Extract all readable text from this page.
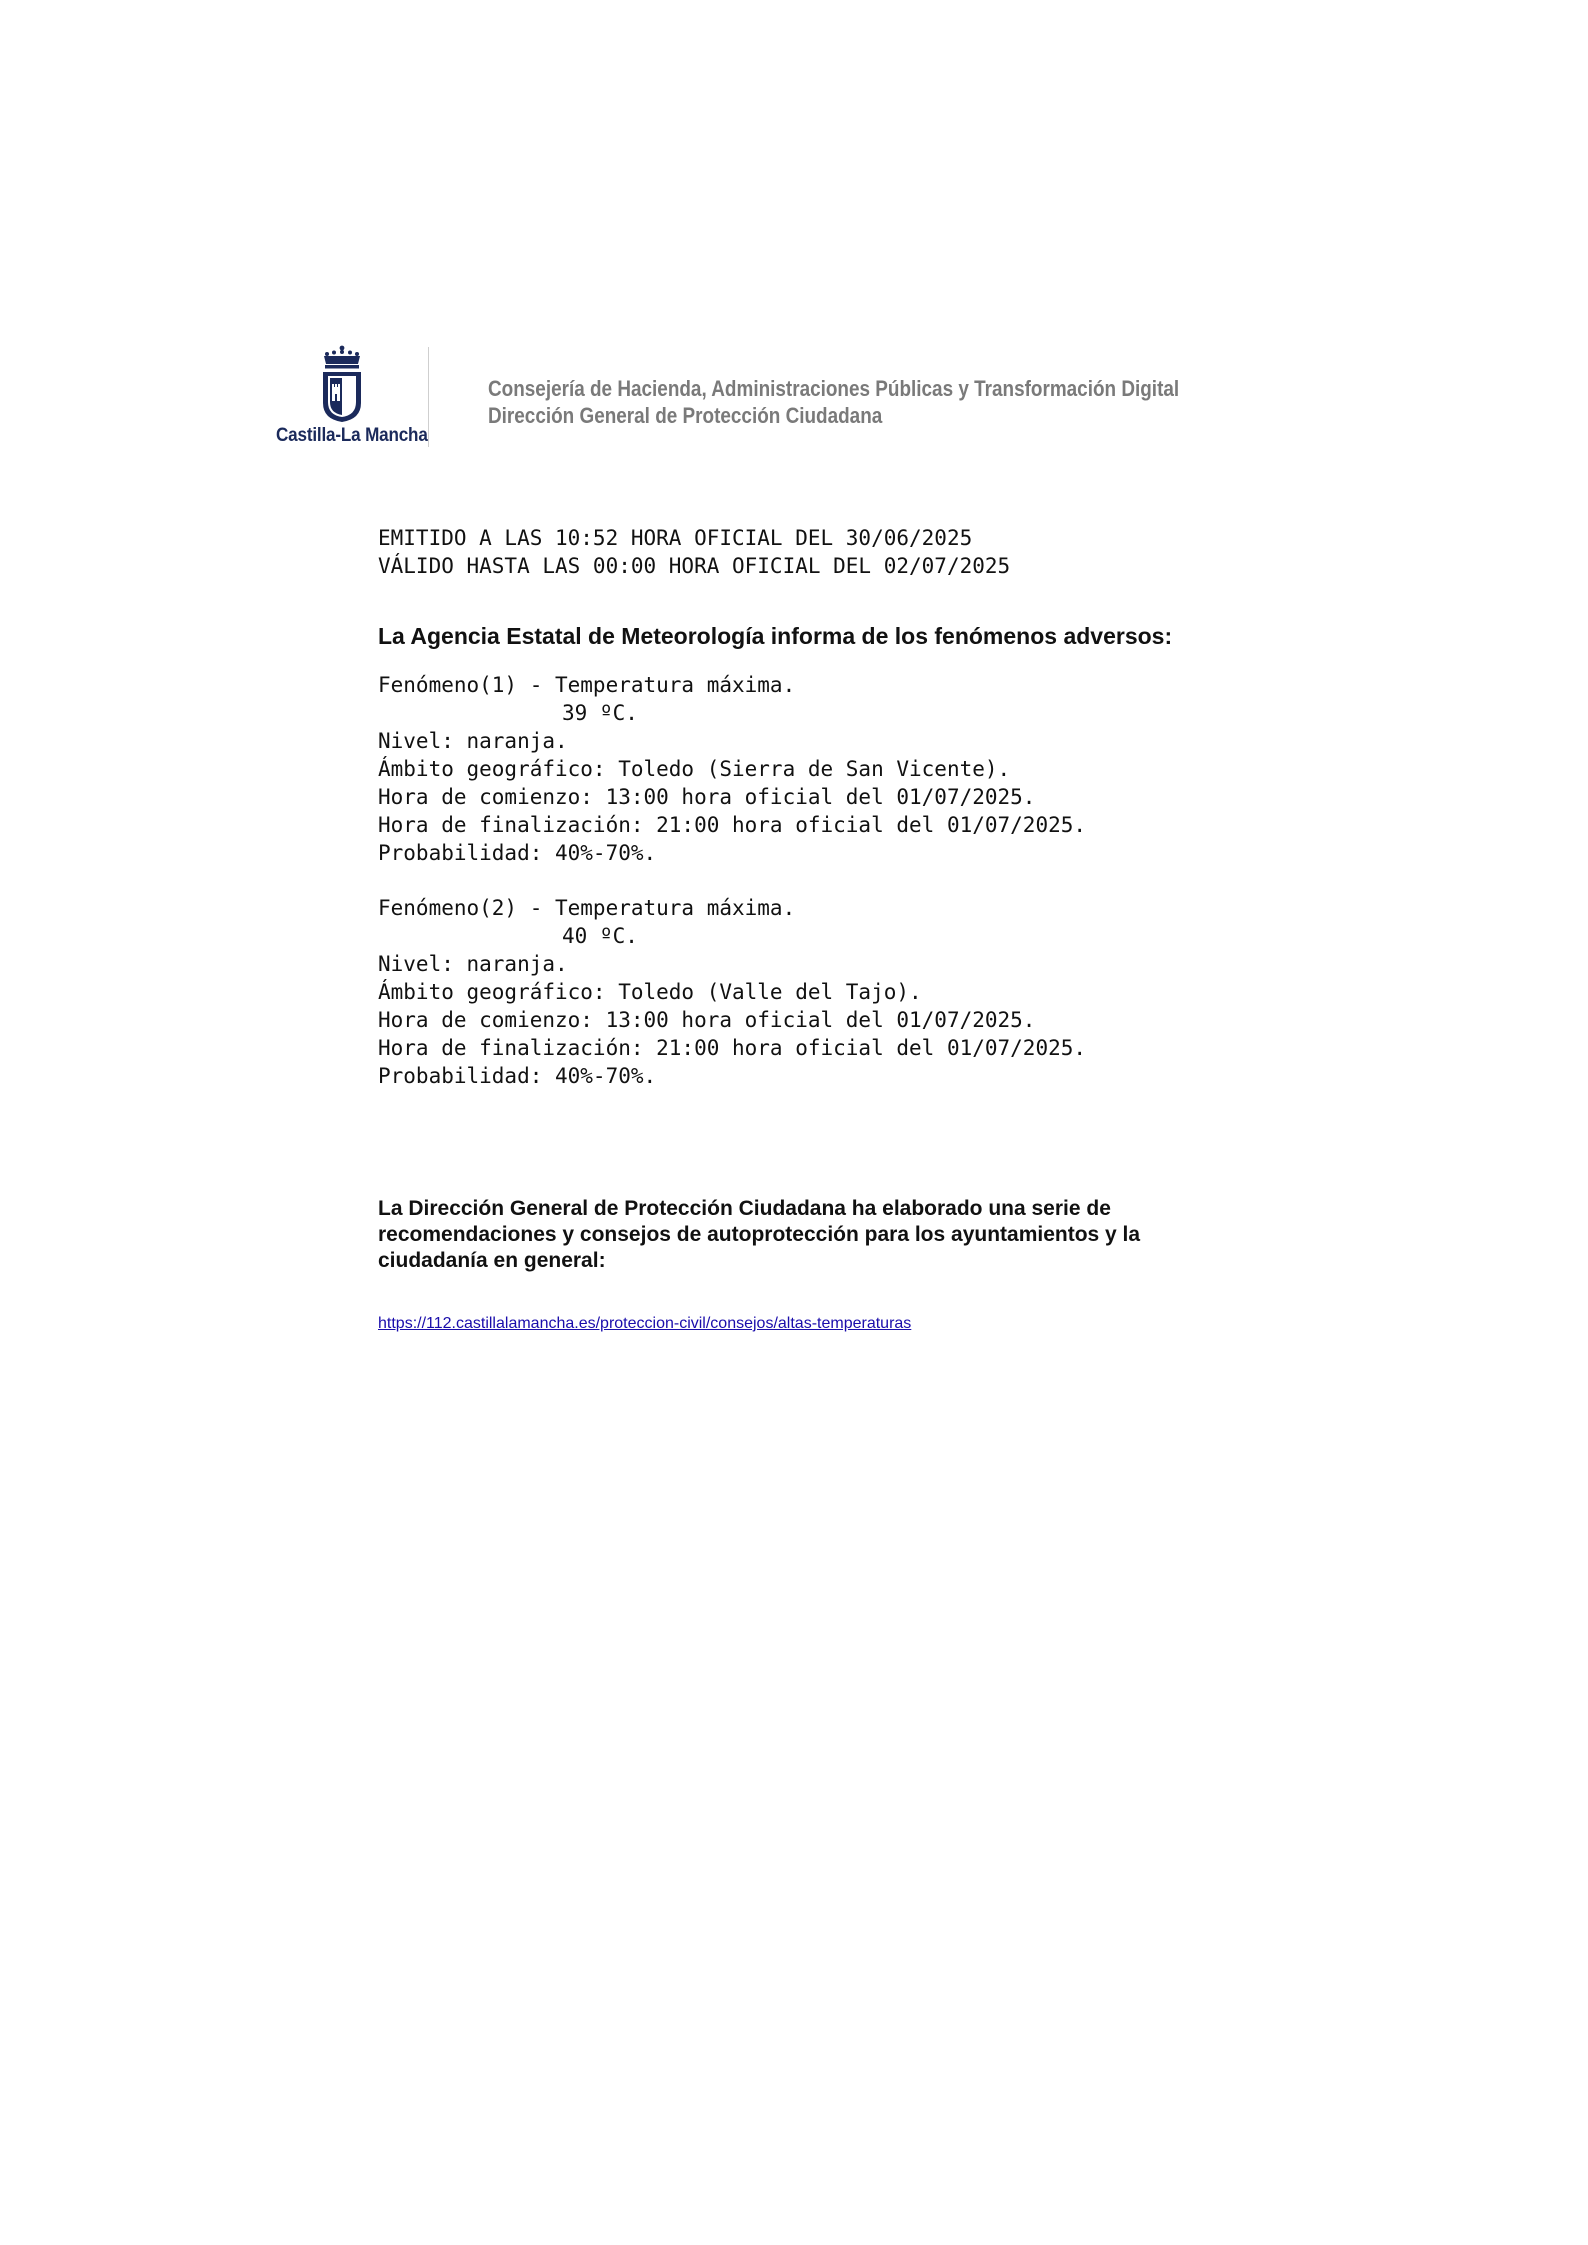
Castilla-La Mancha
Consejería de Hacienda, Administraciones Públicas y Transformación Digital
Dirección General de Protección Ciudadana
EMITIDO A LAS 10:52 HORA OFICIAL DEL 30/06/2025
VÁLIDO HASTA LAS 00:00 HORA OFICIAL DEL 02/07/2025
La Agencia Estatal de Meteorología informa de los fenómenos adversos:
Fenómeno(1) - Temperatura máxima.
39 ºC.
Nivel: naranja.
Ámbito geográfico: Toledo (Sierra de San Vicente).
Hora de comienzo: 13:00 hora oficial del 01/07/2025.
Hora de finalización: 21:00 hora oficial del 01/07/2025.
Probabilidad: 40%-70%.
Fenómeno(2) - Temperatura máxima.
40 ºC.
Nivel: naranja.
Ámbito geográfico: Toledo (Valle del Tajo).
Hora de comienzo: 13:00 hora oficial del 01/07/2025.
Hora de finalización: 21:00 hora oficial del 01/07/2025.
Probabilidad: 40%-70%.
La Dirección General de Protección Ciudadana ha elaborado una serie de recomendaciones y consejos de autoprotección para los ayuntamientos y la ciudadanía en general:
https://112.castillalamancha.es/proteccion-civil/consejos/altas-temperaturas
